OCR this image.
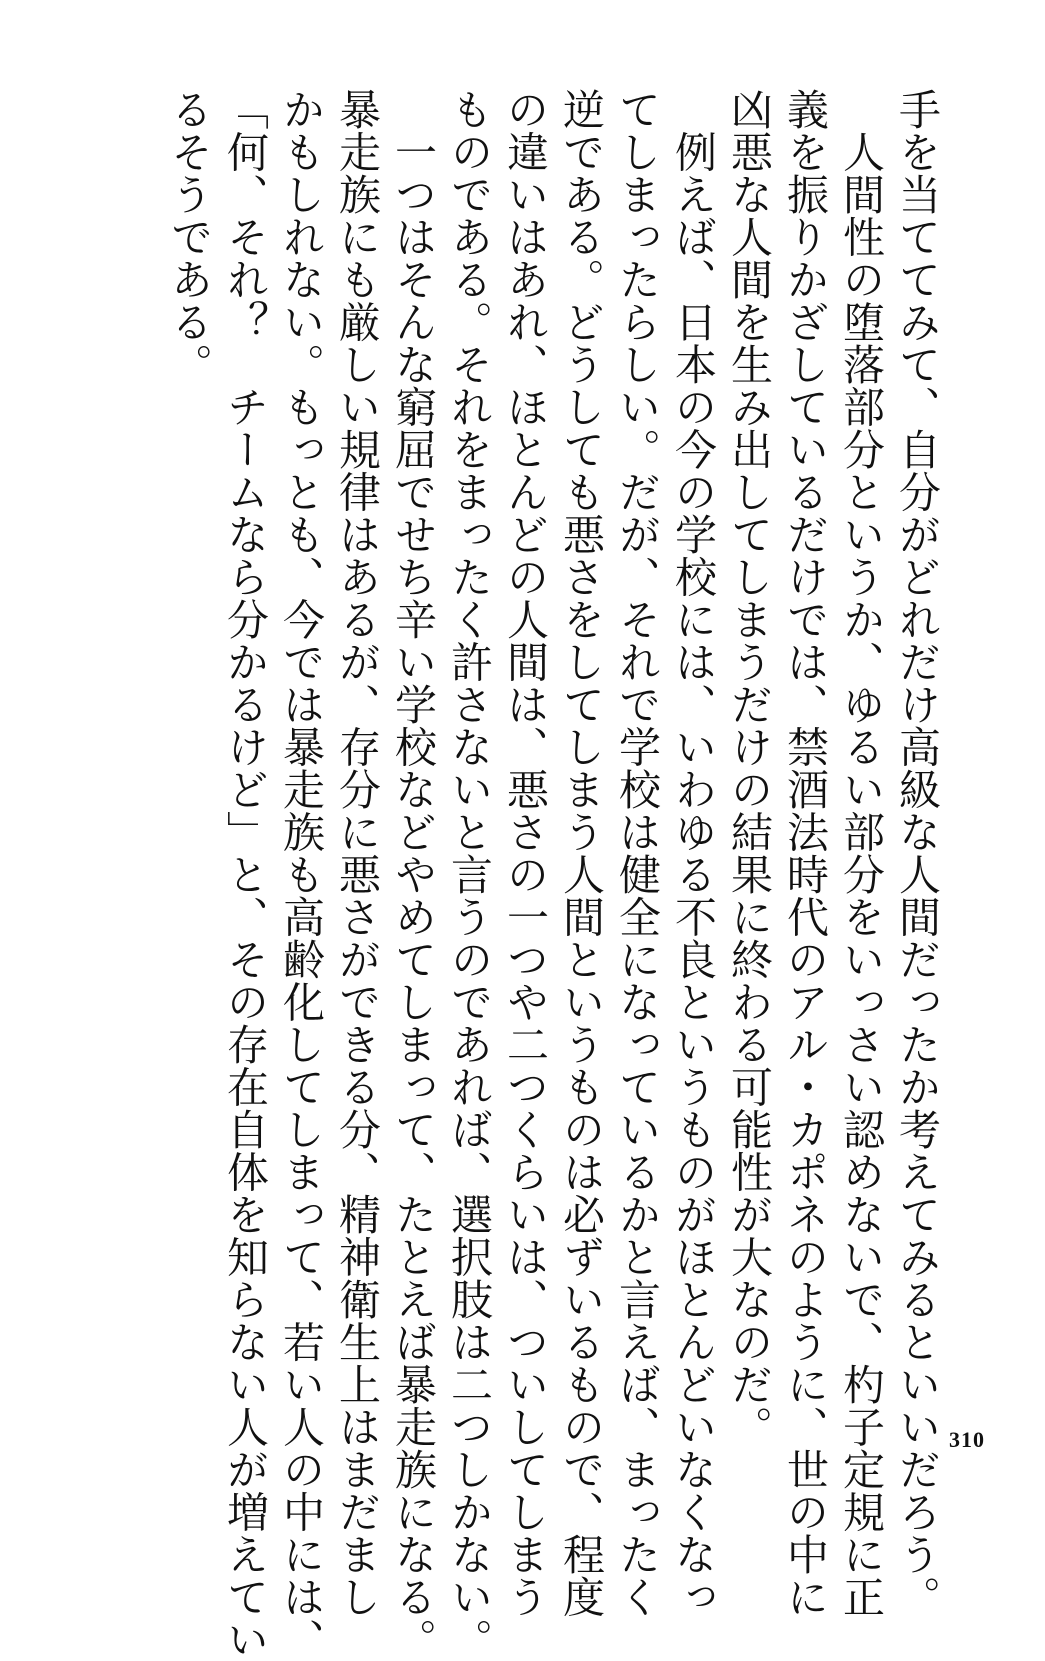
手を当ててみて、自分がどれだけ高級な人間だったか考えてみるといいだろう。
　人間性の堕落部分というか、ゆるい部分をいっさい認めないで、杓子定規に正
義を振りかざしているだけでは、禁酒法時代のアル・カポネのように、世の中に
凶悪な人間を生み出してしまうだけの結果に終わる可能性が大なのだ。
　例えば、日本の今の学校には、いわゆる不良というものがほとんどいなくなっ
てしまったらしい。だが、それで学校は健全になっているかと言えば、まったく
逆である。どうしても悪さをしてしまう人間というものは必ずいるもので、程度
の違いはあれ、ほとんどの人間は、悪さの一つや二つくらいは、ついしてしまう
ものである。それをまったく許さないと言うのであれば、選択肢は二つしかない。
　一つはそんな窮屈でせち辛い学校などやめてしまって、たとえば暴走族になる。
暴走族にも厳しい規律はあるが、存分に悪さができる分、精神衛生上はまだまし
かもしれない。もっとも、今では暴走族も高齢化してしまって、若い人の中には、
「何、それ？　チームなら分かるけど」と、その存在自体を知らない人が増えてい
るそうである。
310
